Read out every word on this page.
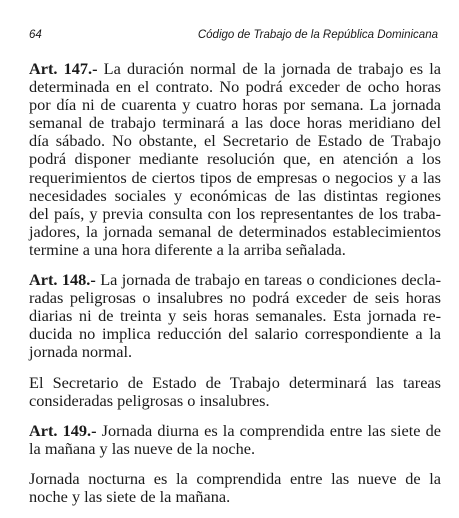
64	Código de Trabajo de la República Dominicana
Art. 147.- La duración normal de la jornada de trabajo es la
determinada en el contrato. No podrá exceder de ocho horas
por día ni de cuarenta y cuatro horas por semana. La jornada
semanal de trabajo terminará a las doce horas meridiano del
día sábado. No obstante, el Secretario de Estado de Trabajo
podrá disponer mediante resolución que, en atención a los
requerimientos de ciertos tipos de empresas o negocios y a las
necesidades sociales y económicas de las distintas regiones
del país, y previa consulta con los representantes de los traba-
jadores, la jornada semanal de determinados establecimientos
termine a una hora diferente a la arriba señalada.
Art. 148.- La jornada de trabajo en tareas o condiciones decla-
radas peligrosas o insalubres no podrá exceder de seis horas
diarias ni de treinta y seis horas semanales. Esta jornada re-
ducida no implica reducción del salario correspondiente a la
jornada normal.
El Secretario de Estado de Trabajo determinará las tareas
consideradas peligrosas o insalubres.
Art. 149.- Jornada diurna es la comprendida entre las siete de
la mañana y las nueve de la noche.
Jornada nocturna es la comprendida entre las nueve de la
noche y las siete de la mañana.
